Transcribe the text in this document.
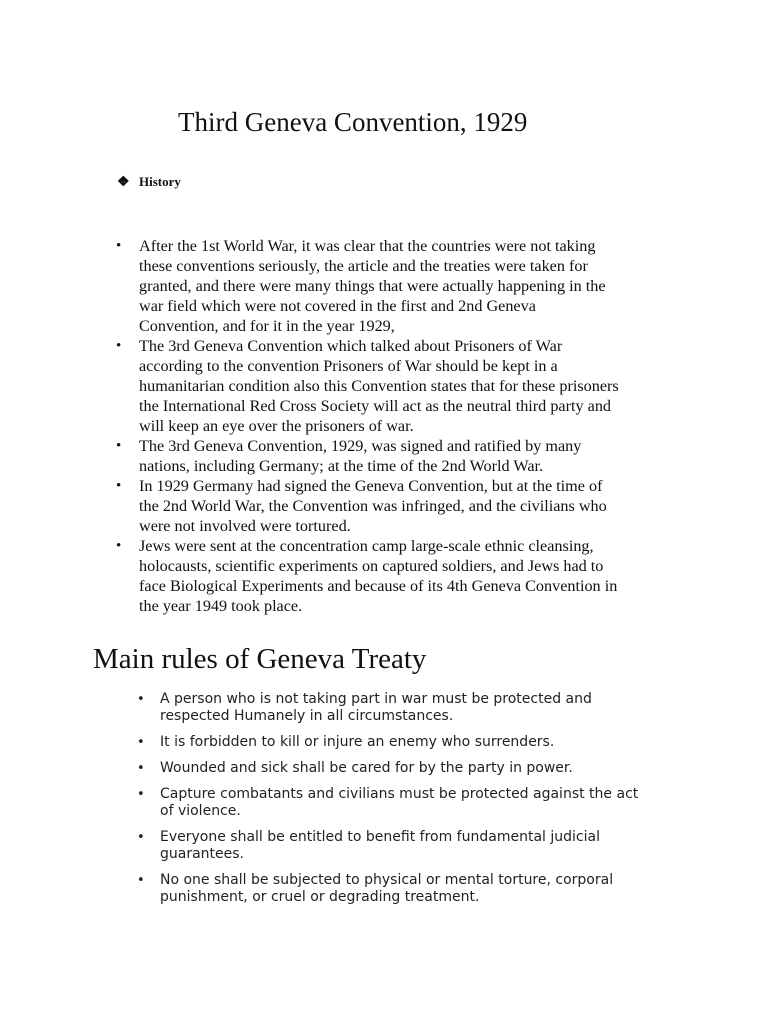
Third Geneva Convention, 1929
❖ History
• After the 1st World War, it was clear that the countries were not taking
these conventions seriously, the article and the treaties were taken for
granted, and there were many things that were actually happening in the
war field which were not covered in the first and 2nd Geneva
Convention, and for it in the year 1929,
• The 3rd Geneva Convention which talked about Prisoners of War
according to the convention Prisoners of War should be kept in a
humanitarian condition also this Convention states that for these prisoners
the International Red Cross Society will act as the neutral third party and
will keep an eye over the prisoners of war.
• The 3rd Geneva Convention, 1929, was signed and ratified by many
nations, including Germany; at the time of the 2nd World War.
• In 1929 Germany had signed the Geneva Convention, but at the time of
the 2nd World War, the Convention was infringed, and the civilians who
were not involved were tortured.
• Jews were sent at the concentration camp large-scale ethnic cleansing,
holocausts, scientific experiments on captured soldiers, and Jews had to
face Biological Experiments and because of its 4th Geneva Convention in
the year 1949 took place.
Main rules of Geneva Treaty
• A person who is not taking part in war must be protected and
respected Humanely in all circumstances.
• It is forbidden to kill or injure an enemy who surrenders.
• Wounded and sick shall be cared for by the party in power.
• Capture combatants and civilians must be protected against the act
of violence.
• Everyone shall be entitled to benefit from fundamental judicial
guarantees.
• No one shall be subjected to physical or mental torture, corporal
punishment, or cruel or degrading treatment.
